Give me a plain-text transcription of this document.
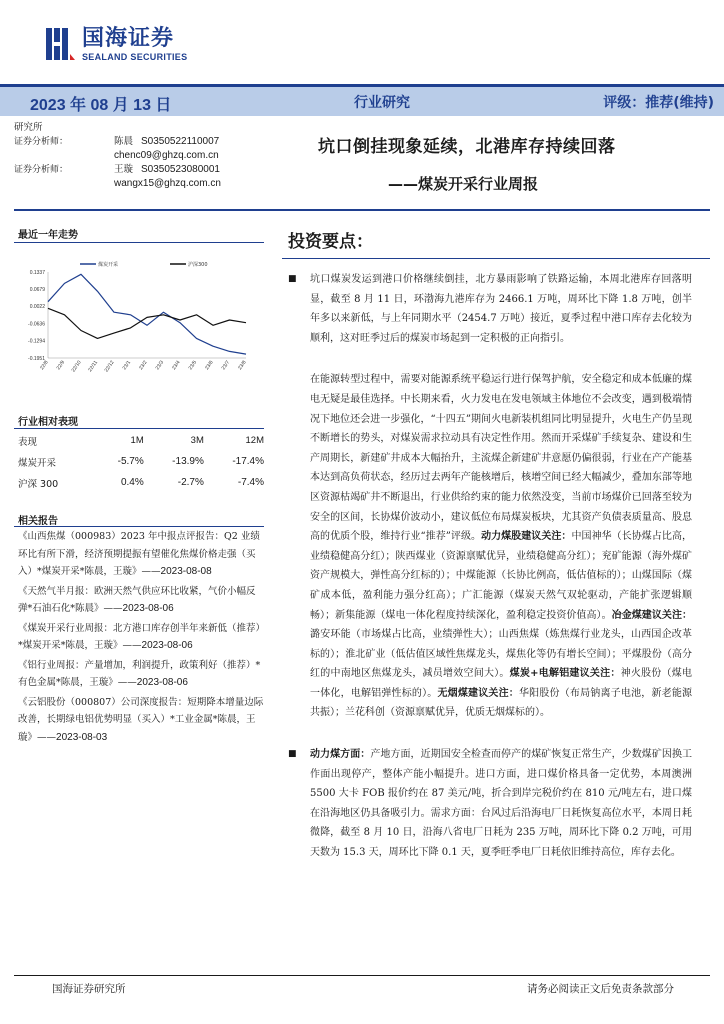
国海证券
SEALAND SECURITIES
2023 年 08 月 13 日	行业研究	评级：推荐(维持)
研究所
证券分析师：	陈晨 S0350522110007
chenc09@ghzq.com.cn
证券分析师：	王璇 S0350523080001
wangx15@ghzq.com.cn
坑口倒挂现象延续，北港库存持续回落
——煤炭开采行业周报
最近一年走势
煤炭开采	沪深300
0.1337
0.0679
0.0022
-0.0636
-0.1294
-0.1951
22/8 22/9 22/10 22/11 22/12 23/1 23/2 23/3 23/4 23/5 23/6 23/7 23/8
行业相对表现
表现	1M	3M	12M
煤炭开采	-5.7%	-13.9%	-17.4%
沪深 300	0.4%	-2.7%	-7.4%
相关报告

《山西焦煤（000983）2023 年中报点评报告：Q2 业绩环比有所下滑，经济预期提振有望催化焦煤价格走强（买入）*煤炭开采*陈晨，王璇》——2023-08-08

《天然气半月报：欧洲天然气供应环比收紧，气价小幅反弹*石油石化*陈晨》——2023-08-06

《煤炭开采行业周报：北方港口库存创半年来新低（推荐）*煤炭开采*陈晨，王璇》——2023-08-06

《铝行业周报：产量增加，利润提升，政策利好（推荐）*有色金属*陈晨，王璇》——2023-08-06

《云铝股份（000807）公司深度报告：短期降本增量边际改善，长期绿电铝优势明显（买入）*工业金属*陈晨，王璇》——2023-08-03

投资要点：

■ 坑口煤炭发运到港口价格继续倒挂，北方暴雨影响了铁路运输，本周北港库存回落明显，截至 8 月 11 日，环渤海九港库存为 2466.1 万吨，周环比下降 1.8 万吨，创半年多以来新低，与上年同期水平（2454.7 万吨）接近，夏季过程中港口库存去化较为顺利，这对旺季过后的煤炭市场起到一定积极的正向指引。

在能源转型过程中，需要对能源系统平稳运行进行保驾护航，安全稳定和成本低廉的煤电无疑是最佳选择。中长期来看，火力发电在发电领域主体地位不会改变，遇到极端情况下地位还会进一步强化，“十四五”期间火电新装机组同比明显提升，火电生产仍呈现不断增长的势头，对煤炭需求拉动具有决定性作用。然而开采煤矿手续复杂、建设和生产周期长，新建矿井成本大幅抬升，主流煤企新建矿井意愿仍偏很弱，行业在产产能基本达到高负荷状态，经历过去两年产能核增后，核增空间已经大幅减少，叠加东部等地区资源枯竭矿井不断退出，行业供给约束的能力依然没变，当前市场煤价已回落至较为安全的区间，长协煤价波动小，建议低位布局煤炭板块，尤其资产负债表质量高、股息高的优质个股，维持行业“推荐”评级。动力煤股建议关注：中国神华（长协煤占比高，业绩稳健高分红）；陕西煤业（资源禀赋优异，业绩稳健高分红）；兖矿能源（海外煤矿资产规模大，弹性高分红标的）；中煤能源（长协比例高，低估值标的）；山煤国际（煤矿成本低，盈利能力强分红高）；广汇能源（煤炭天然气双轮驱动，产能扩张逻辑顺畅）；新集能源（煤电一体化程度持续深化，盈利稳定投资价值高）。冶金煤建议关注：潞安环能（市场煤占比高，业绩弹性大）；山西焦煤（炼焦煤行业龙头，山西国企改革标的）；淮北矿业（低估值区域性焦煤龙头，煤焦化等仍有增长空间）；平煤股份（高分红的中南地区焦煤龙头，减员增效空间大）。煤炭+电解铝建议关注：神火股份（煤电一体化，电解铝弹性标的）。无烟煤建议关注：华阳股份（布局钠离子电池，新老能源共振）；兰花科创（资源禀赋优异，优质无烟煤标的）。

■ 动力煤方面：产地方面，近期国安全检查而停产的煤矿恢复正常生产，少数煤矿因换工作面出现停产，整体产能小幅提升。进口方面，进口煤价格具备一定优势，本周澳洲 5500 大卡 FOB 报价约在 87 美元/吨，折合到岸完税价约在 810 元/吨左右，进口煤在沿海地区仍具备吸引力。需求方面：台风过后沿海电厂日耗恢复高位水平，本周日耗微降，截至 8 月 10 日，沿海八省电厂日耗为 235 万吨，周环比下降 0.2 万吨，可用天数为 15.3 天，周环比下降 0.1 天，夏季旺季电厂日耗依旧维持高位，库存去化。

国海证券研究所	请务必阅读正文后免责条款部分
